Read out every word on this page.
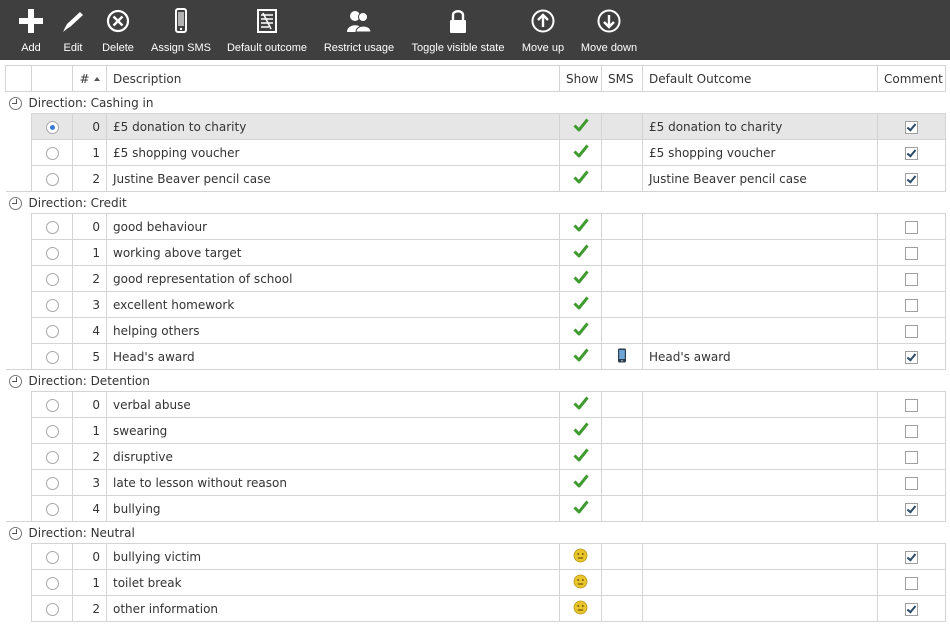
Add Edit Delete Assign SMS Default outcome Restrict usage Toggle visible state Move up Move down
		#	Description	Show	SMS	Default Outcome	Comment
Direction: Cashing in							
		0	£5 donation to charity			£5 donation to charity	
		1	£5 shopping voucher			£5 shopping voucher	
		2	Justine Beaver pencil case			Justine Beaver pencil case	
Direction: Credit							
		0	good behaviour				
		1	working above target				
		2	good representation of school				
		3	excellent homework				
		4	helping others				
		5	Head's award			Head's award	
Direction: Detention							
		0	verbal abuse				
		1	swearing				
		2	disruptive				
		3	late to lesson without reason				
		4	bullying				
Direction: Neutral							
		0	bullying victim				
		1	toilet break				
		2	other information				
